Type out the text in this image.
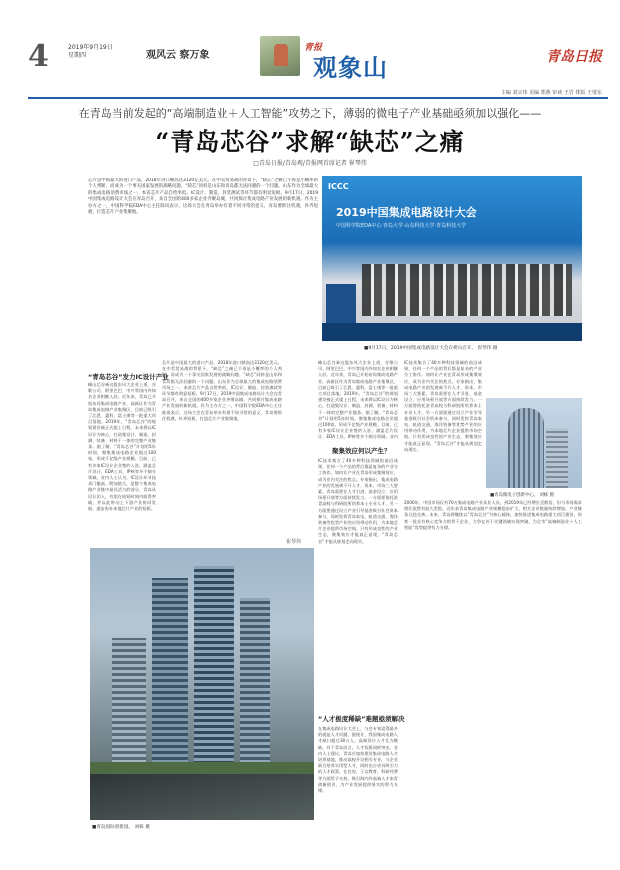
4	2019年9月19日
星期四	观风云 察万象
青报
观象山	青岛日报
主编 刘宗伟 美编 郑燕 审读 王岩 排版 王璧东
在青岛当前发起的“高端制造业＋人工智能”攻势之下，薄弱的微电子产业基础亟须加以强化——
“青岛芯谷”求解“缺芯”之痛
□青岛日报/青岛观/青报网首席记者 崔琴伟
芯片是中国最大的进口产品，2018年进口额高达3120亿美元。在中美贸易战的背景下，“缺芯”之痛已不再是小概率的个人判断，而成为一个事关国家发展的战略问题。“缺芯”同样是山东和青岛都无法回避的一个问题。山东作为全球最大的集成电路消费市场之一，本省芯片产品自给率低，IC设计、制造、封装测试等环节都有明显短板。9月17日，2019中国集成电路设计大会在青岛召开，来自全国的400多家企业齐聚岛城，共同探讨集成电路产业发展的新机遇。作为主办方之一，中国科学院EDA中心主任陈岚表示，这场大会在青岛举办有着不同寻常的意义，青岛要抓住机遇，补齐短板，打造芯片产业集聚地。
ICCC
2019中国集成电路设计大会
中国科学院EDA中心·青岛大学·山东科技大学·青岛科技大学
■9月17日，2019中国集成电路设计大会在崂山召开。 崔琴伟 摄
“青岛芯谷”发力IC设计产业
峰山芯谷乘这股东风大企业上道，谷歌公司、阿里巴巴、中兴等国内外知名企业相继入驻。近年来，青岛已开始布局集成电路产业，高新区作为青岛集成电路产业集聚区，目前已吸引了芯恩、惠科、富士康等一批重大项目落地。2019年，“青岛芯谷”的规划建设被正式提上日程，未来将以IC设计为核心，打造集设计、制造、封测、装备、材料于一体的完整产业链条。据了解，“青岛芯谷”计划用5年时间，聚集集成电路企业超过100家，形成千亿级产业规模。目前，已有多家IC设计企业签约入驻，涵盖芯片设计、EDA工具、IP核等多个细分领域。业内人士认为，IC设计环节技术门槛高、附加值大，是整个集成电路产业链中最具活力的部分，青岛从设计切入，有望在较短时间内取得突破，并以此带动上下游产业协同发展，逐步弥补本地芯片产业的短板。
芯片是中国最大的进口产品，2018年进口额高达3120亿美元。在中美贸易战的背景下，“缺芯”之痛已不再是小概率的个人判断，而成为一个事关国家发展的战略问题。“缺芯”同样是山东和青岛都无法回避的一个问题。山东作为全球最大的集成电路消费市场之一，本省芯片产品自给率低，IC设计、制造、封装测试等环节都有明显短板。9月17日，2019中国集成电路设计大会在青岛召开，来自全国的400多家企业齐聚岛城，共同探讨集成电路产业发展的新机遇。作为主办方之一，中国科学院EDA中心主任陈岚表示，这场大会在青岛举办有着不同寻常的意义，青岛要抓住机遇，补齐短板，打造芯片产业集聚地。
崔琴伟
峰山芯谷乘这股东风大企业上道，谷歌公司、阿里巴巴、中兴等国内外知名企业相继入驻。近年来，青岛已开始布局集成电路产业，高新区作为青岛集成电路产业集聚区，目前已吸引了芯恩、惠科、富士康等一批重大项目落地。2019年，“青岛芯谷”的规划建设被正式提上日程，未来将以IC设计为核心，打造集设计、制造、封测、装备、材料于一体的完整产业链条。据了解，“青岛芯谷”计划用5年时间，聚集集成电路企业超过100家，形成千亿级产业规模。目前，已有多家IC设计企业签约入驻，涵盖芯片设计、EDA工具、IP核等多个细分领域。业内
聚集效应何以产生？
IC技术集合了40多种科技领域的前沿成果，任何一个产品的背后都是复杂的产业分工协作。如何让产业在青岛形成集聚效应，成为业内关注的焦点。专家指出，集成电路产业的发展离不开人才、资本、市场三大要素，青岛需要在人才引进、基金设立、应用场景开放等方面持续发力。一方面要依托驻青高校与科研院所培养本土专业人才，另一方面要通过设立产业引导基金吸引社会资本参与，同时发挥青岛家电、轨道交通、海洋装备等优势产业的应用带动作用，为本地芯片企业提供市场空间。只有形成良性的产业生态，聚集效应才能真正显现，“青岛芯谷”才能从规划走向现实。
“人才极度稀缺”难题亟须解决
在集成电路设计大会上，与会专家谈得最多的就是人才问题。据统计，我国集成电路人才缺口超过30万人，高端设计人才尤为稀缺。对于青岛而言，人才短板同样突出。业内人士建议，青岛应加快建设集成电路人才培养基地，推动高校开设相关专业，与企业联合培养实用型人才，同时出台更具吸引力的人才政策，在住房、子女教育、科研经费等方面给予支持，吸引海内外高端人才来青创新创业，为产业发展提供坚实的智力支撑。
IC技术集合了40多种科技领域的前沿成果，任何一个产品的背后都是复杂的产业分工协作。如何让产业在青岛形成集聚效应，成为业内关注的焦点。专家指出，集成电路产业的发展离不开人才、资本、市场三大要素，青岛需要在人才引进、基金设立、应用场景开放等方面持续发力。一方面要依托驻青高校与科研院所培养本土专业人才，另一方面要通过设立产业引导基金吸引社会资本参与，同时发挥青岛家电、轨道交通、海洋装备等优势产业的应用带动作用，为本地芯片企业提供市场空间。只有形成良性的产业生态，聚集效应才能真正显现，“青岛芯谷”才能从规划走向现实。
2000年，中国市场仅有70万集成电路产业从业人员，到2019年已经增长至数倍，但与市场需求相比依然有较大差距。近年来青岛集成电路产业规模稳步扩大，相关企业数量持续增加，产业链条日趋完善。未来，青岛将继续以“青岛芯谷”为核心载体，加快推进集成电路重大项目建设，培育一批具有核心竞争力的骨干企业，力争在若干关键领域实现突破，为全市“高端制造业＋人工智能”攻势提供有力支撑。
■青岛微电子创新中心。 刘栋 摄
■青岛国际创新园。 刘栋 摄
